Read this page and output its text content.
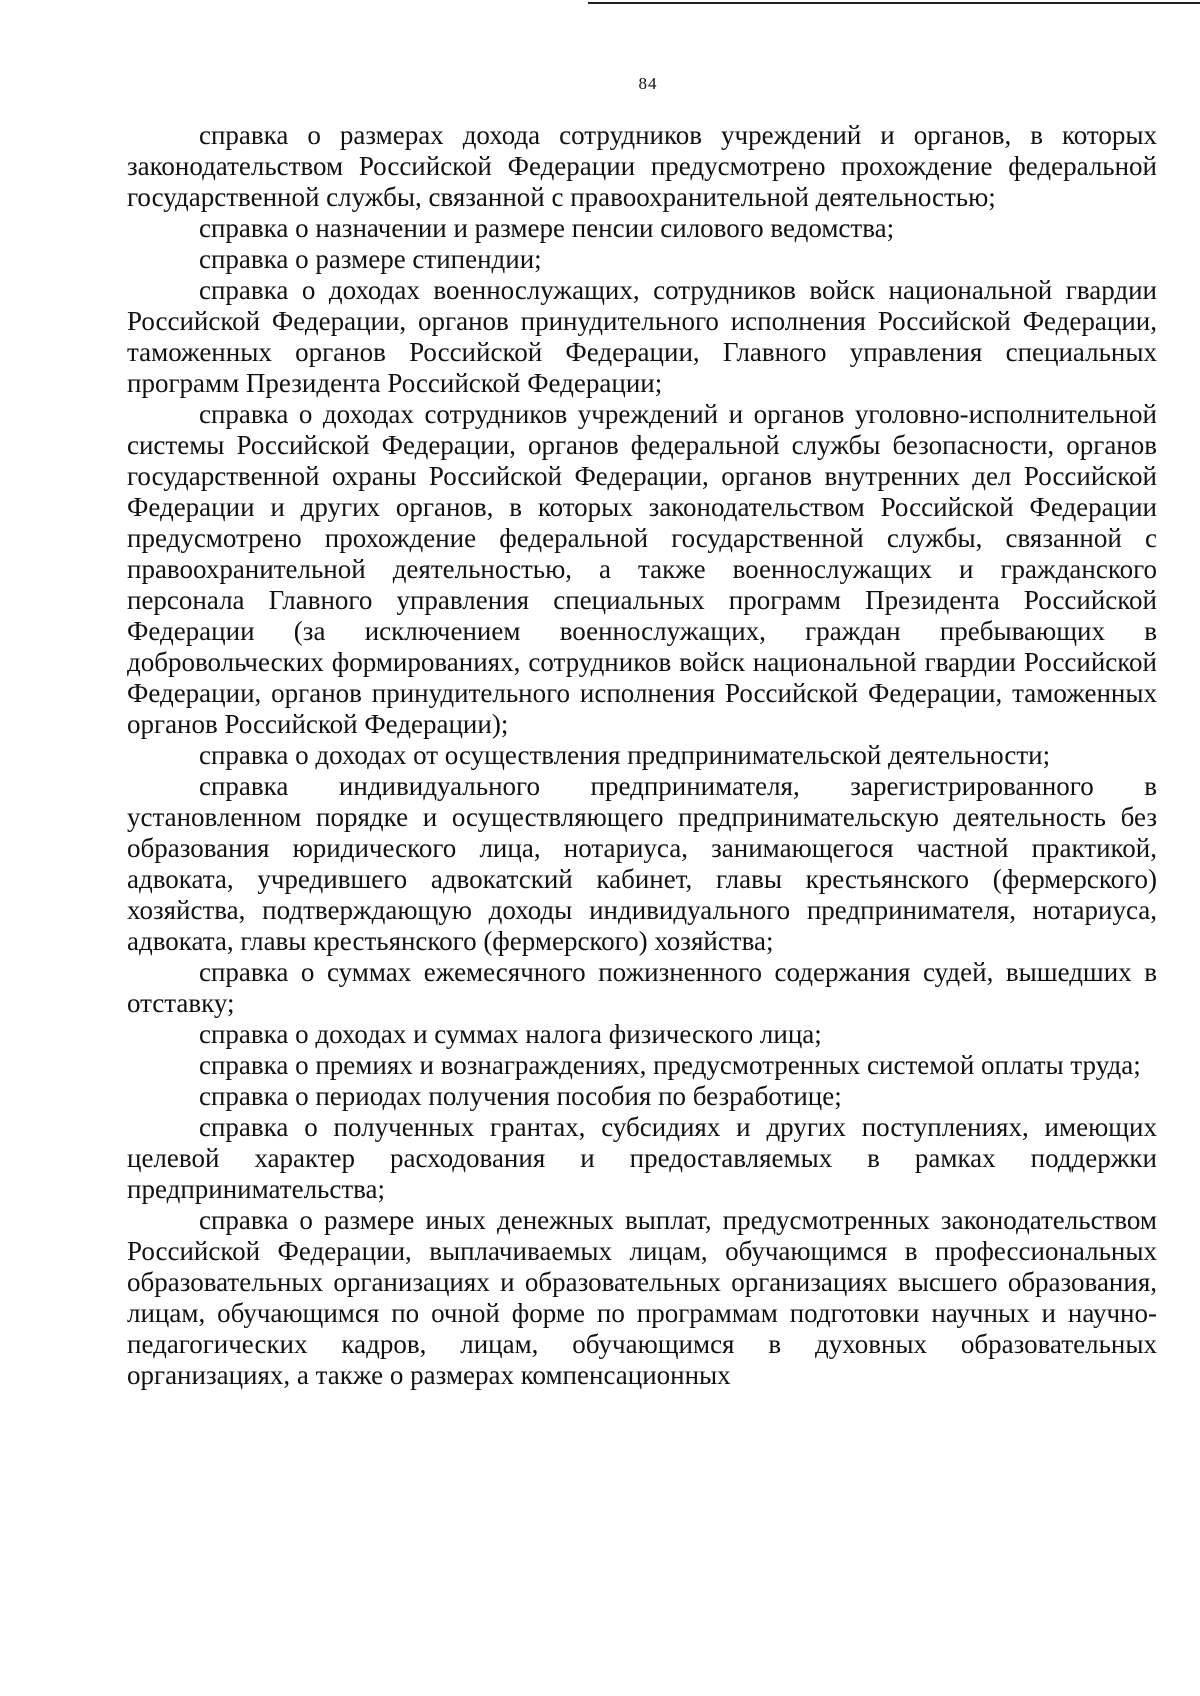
84

справка о размерах дохода сотрудников учреждений и органов, в которых законодательством Российской Федерации предусмотрено прохождение федеральной государственной службы, связанной с правоохранительной деятельностью;

справка о назначении и размере пенсии силового ведомства;

справка о размере стипендии;

справка о доходах военнослужащих, сотрудников войск национальной гвардии Российской Федерации, органов принудительного исполнения Российской Федерации, таможенных органов Российской Федерации, Главного управления специальных программ Президента Российской Федерации;

справка о доходах сотрудников учреждений и органов уголовно-исполнительной системы Российской Федерации, органов федеральной службы безопасности, органов государственной охраны Российской Федерации, органов внутренних дел Российской Федерации и других органов, в которых законодательством Российской Федерации предусмотрено прохождение федеральной государственной службы, связанной с правоохранительной деятельностью, а также военнослужащих и гражданского персонала Главного управления специальных программ Президента Российской Федерации (за исключением военнослужащих, граждан пребывающих в добровольческих формированиях, сотрудников войск национальной гвардии Российской Федерации, органов принудительного исполнения Российской Федерации, таможенных органов Российской Федерации);

справка о доходах от осуществления предпринимательской деятельности;

справка индивидуального предпринимателя, зарегистрированного в установленном порядке и осуществляющего предпринимательскую деятельность без образования юридического лица, нотариуса, занимающегося частной практикой, адвоката, учредившего адвокатский кабинет, главы крестьянского (фермерского) хозяйства, подтверждающую доходы индивидуального предпринимателя, нотариуса, адвоката, главы крестьянского (фермерского) хозяйства;

справка о суммах ежемесячного пожизненного содержания судей, вышедших в отставку;

справка о доходах и суммах налога физического лица;

справка о премиях и вознаграждениях, предусмотренных системой оплаты труда;

справка о периодах получения пособия по безработице;

справка о полученных грантах, субсидиях и других поступлениях, имеющих целевой характер расходования и предоставляемых в рамках поддержки предпринимательства;

справка о размере иных денежных выплат, предусмотренных законодательством Российской Федерации, выплачиваемых лицам, обучающимся в профессиональных образовательных организациях и образовательных организациях высшего образования, лицам, обучающимся по очной форме по программам подготовки научных и научно-педагогических кадров, лицам, обучающимся в духовных образовательных организациях, а также о размерах компенсационных
